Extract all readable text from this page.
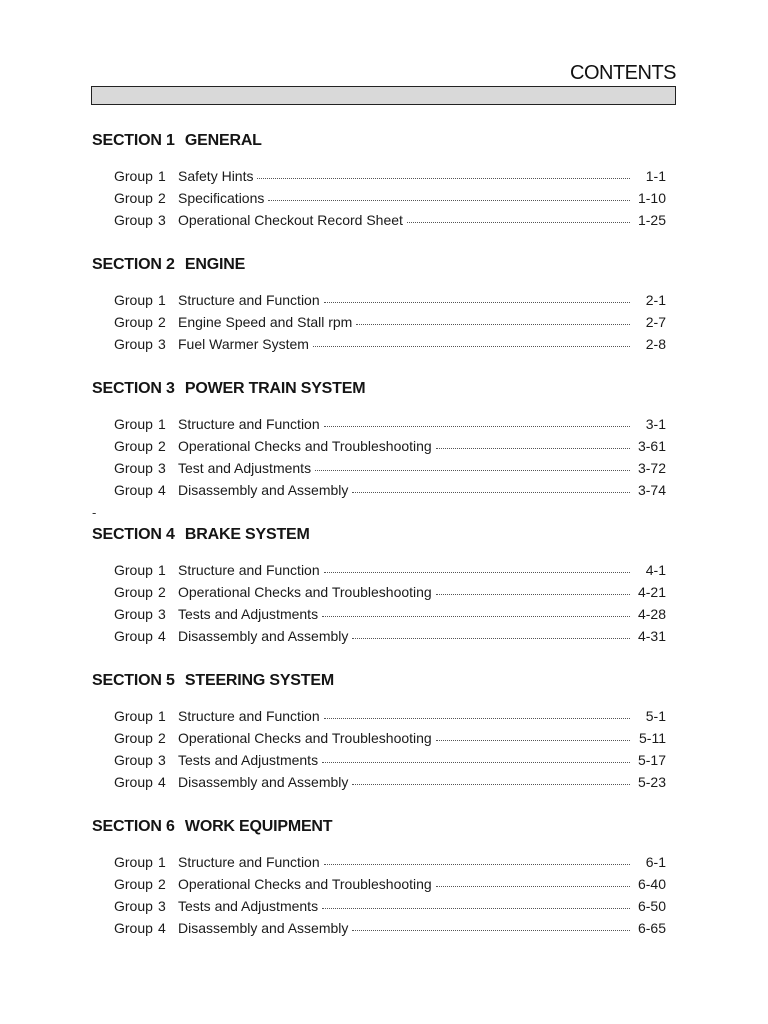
CONTENTS
-
SECTION 1 GENERAL
Group 1 Safety Hints	1-1
Group 2 Specifications	1-10
Group 3 Operational Checkout Record Sheet	1-25
SECTION 2 ENGINE
Group 1 Structure and Function	2-1
Group 2 Engine Speed and Stall rpm	2-7
Group 3 Fuel Warmer System	2-8
SECTION 3 POWER TRAIN SYSTEM
Group 1 Structure and Function	3-1
Group 2 Operational Checks and Troubleshooting	3-61
Group 3 Test and Adjustments	3-72
Group 4 Disassembly and Assembly	3-74
SECTION 4 BRAKE SYSTEM
Group 1 Structure and Function	4-1
Group 2 Operational Checks and Troubleshooting	4-21
Group 3 Tests and Adjustments	4-28
Group 4 Disassembly and Assembly	4-31
SECTION 5 STEERING SYSTEM
Group 1 Structure and Function	5-1
Group 2 Operational Checks and Troubleshooting	5-11
Group 3 Tests and Adjustments	5-17
Group 4 Disassembly and Assembly	5-23
SECTION 6 WORK EQUIPMENT
Group 1 Structure and Function	6-1
Group 2 Operational Checks and Troubleshooting	6-40
Group 3 Tests and Adjustments	6-50
Group 4 Disassembly and Assembly	6-65
